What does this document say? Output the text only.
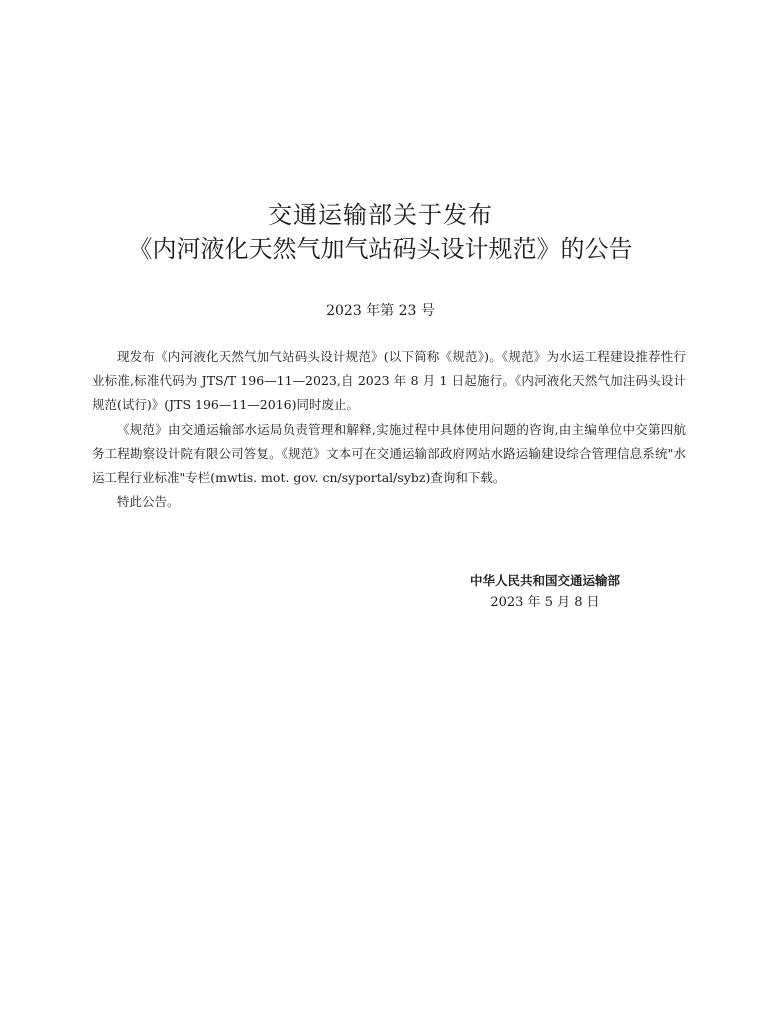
交通运输部关于发布
《内河液化天然气加气站码头设计规范》的公告
2023 年第 23 号

现发布《内河液化天然气加气站码头设计规范》(以下简称《规范》)。《规范》为水运工程建设推荐性行业标准,标准代码为 JTS/T 196—11—2023,自 2023 年 8 月 1 日起施行。《内河液化天然气加注码头设计规范(试行)》(JTS 196—11—2016)同时废止。

《规范》由交通运输部水运局负责管理和解释,实施过程中具体使用问题的咨询,由主编单位中交第四航务工程勘察设计院有限公司答复。《规范》文本可在交通运输部政府网站水路运输建设综合管理信息系统"水运工程行业标准"专栏(mwtis. mot. gov. cn/syportal/sybz)查询和下载。

特此公告。

中华人民共和国交通运输部
2023 年 5 月 8 日
